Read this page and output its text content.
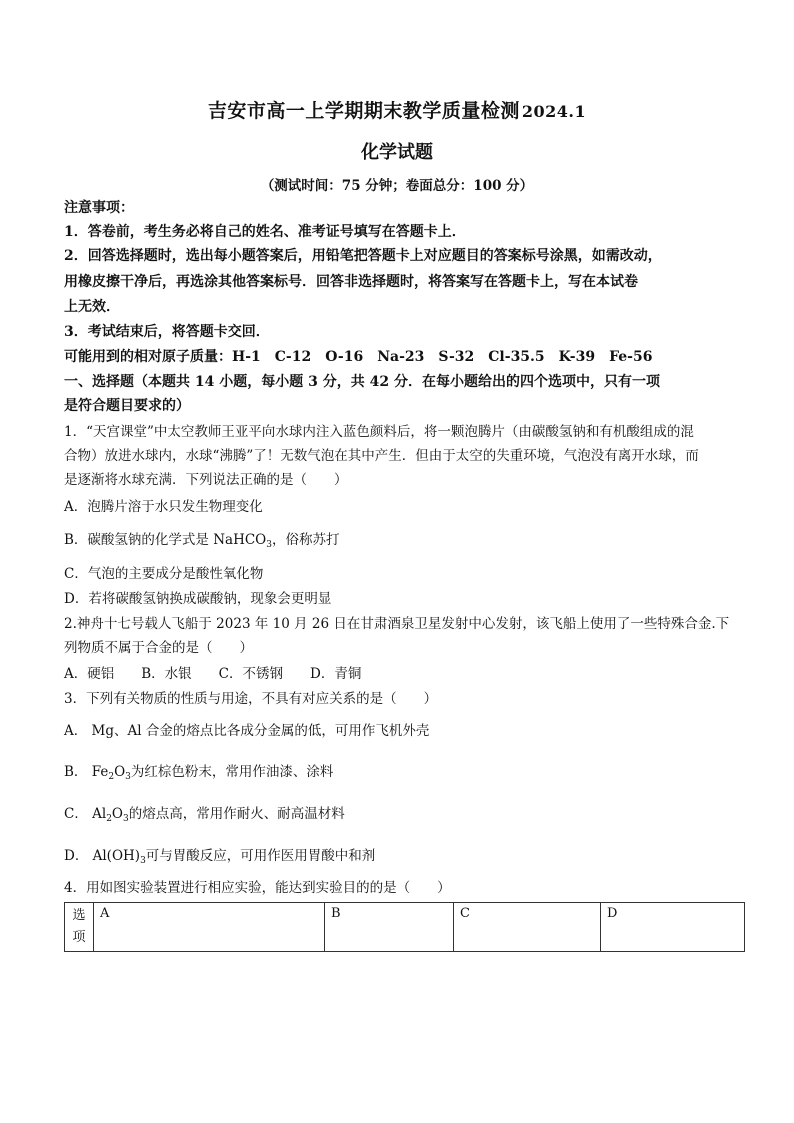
吉安市高一上学期期末教学质量检测 2024.1
化学试题
（测试时间：75 分钟；卷面总分：100 分）
注意事项：
1．答卷前，考生务必将自己的姓名、准考证号填写在答题卡上．
2．回答选择题时，选出每小题答案后，用铅笔把答题卡上对应题目的答案标号涂黑，如需改动，
用橡皮擦干净后，再选涂其他答案标号．回答非选择题时，将答案写在答题卡上，写在本试卷
上无效．
3．考试结束后，将答题卡交回．
可能用到的相对原子质量：H-1　C-12　O-16　Na-23　S-32　Cl-35.5　K-39　Fe-56
一、选择题（本题共 14 小题，每小题 3 分，共 42 分．在每小题给出的四个选项中，只有一项
是符合题目要求的）
1．“天宫课堂”中太空教师王亚平向水球内注入蓝色颜料后，将一颗泡腾片（由碳酸氢钠和有机酸组成的混
合物）放进水球内，水球“沸腾”了！无数气泡在其中产生．但由于太空的失重环境，气泡没有离开水球，而
是逐渐将水球充满．下列说法正确的是（　　）
A．泡腾片溶于水只发生物理变化
B．碳酸氢钠的化学式是 NaHCO$_3$，俗称苏打
C．气泡的主要成分是酸性氧化物
D．若将碳酸氢钠换成碳酸钠，现象会更明显
2.神舟十七号载人飞船于 2023 年 10 月 26 日在甘肃酒泉卫星发射中心发射，该飞船上使用了一些特殊合金.下
列物质不属于合金的是（　　）
A．硬铝　　B．水银　　C．不锈钢　　D．青铜
3．下列有关物质的性质与用途，不具有对应关系的是（　　）
A． Mg、Al 合金的熔点比各成分金属的低，可用作飞机外壳
B． $Fe_2O_3$为红棕色粉末，常用作油漆、涂料
C． $Al_2O_3$的熔点高，常用作耐火、耐高温材料
D． $Al(OH)_3$可与胃酸反应，可用作医用胃酸中和剂
4．用如图实验装置进行相应实验，能达到实验目的的是（　　）
选
项
	A	B	C	D
